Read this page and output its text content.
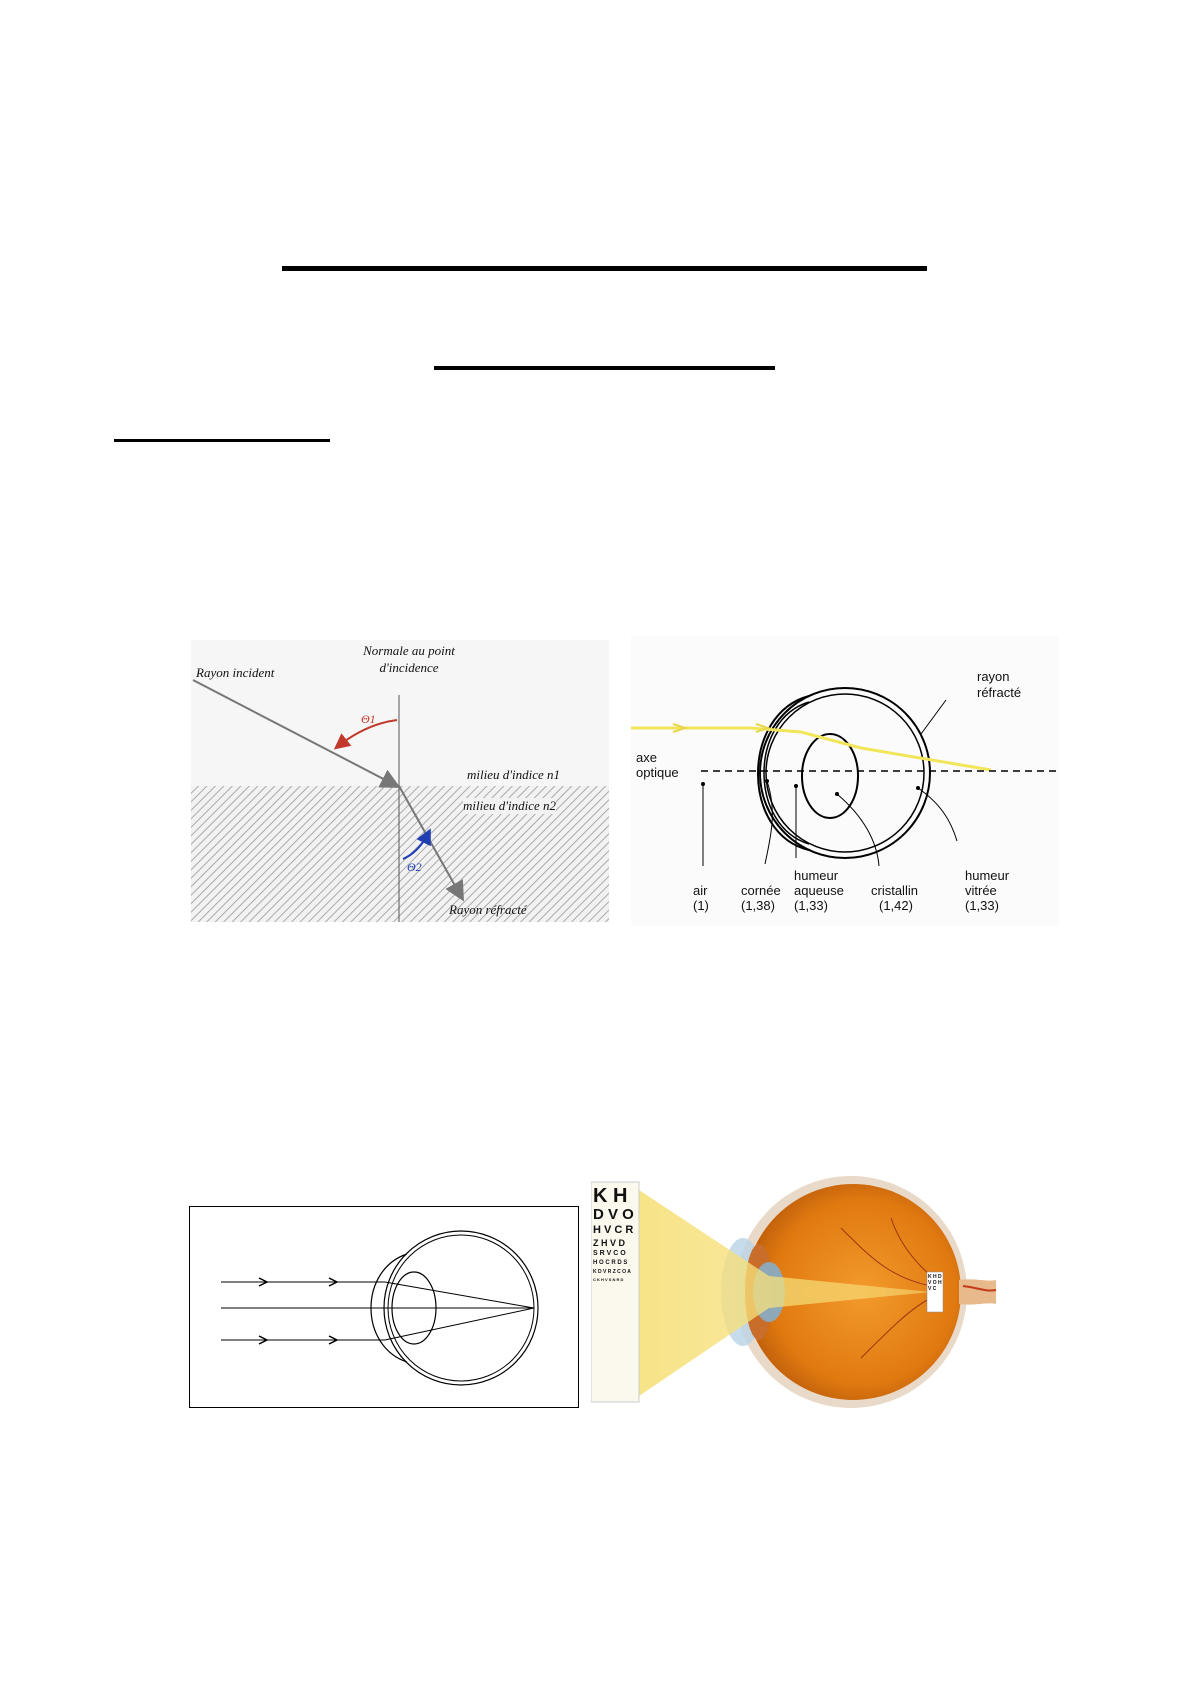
Normale au point
d'incidence
Rayon incident
Θ1
Θ2
milieu d'indice n1
milieu d'indice n2
Rayon réfracté
rayon
réfracté
axe
optique
air
(1)
cornée
(1,38)
humeur
aqueuse
(1,33)
cristallin
(1,42)
humeur
vitrée
(1,33)
K H
D V O
H V C R
Z H V D
S R V C O
H O C R D S
K D V R Z C O A
C K H V S N R D	K H D V O H V C
